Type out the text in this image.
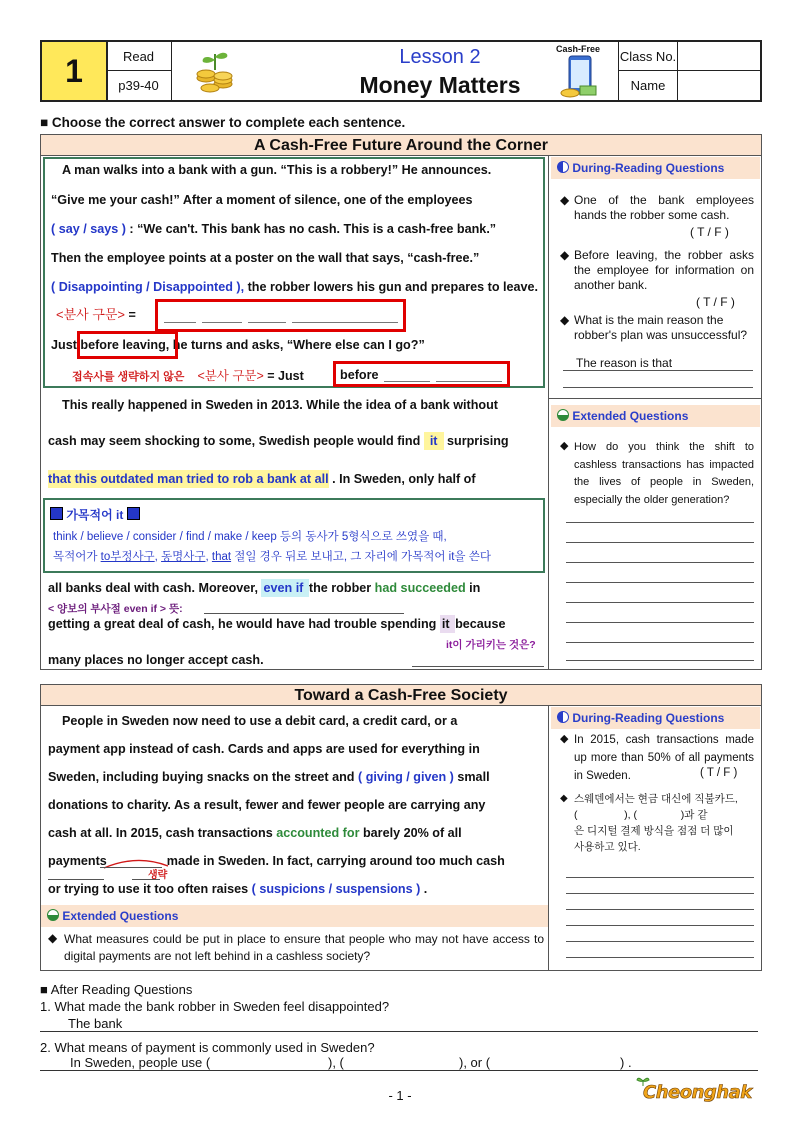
1	Read
p39-40
Lesson 2
Money Matters
Cash-Free	Class No.
Name
■ Choose the correct answer to complete each sentence.
A Cash-Free Future Around the Corner
A man walks into a bank with a gun. “This is a robbery!” He announces.
“Give me your cash!” After a moment of silence, one of the employees
( say / says ) : “We can't. This bank has no cash. This is a cash-free bank.”
Then the employee points at a poster on the wall that says, “cash-free.”
( Disappointing / Disappointed ), the robber lowers his gun and prepares to leave.
<분사 구문> =
Just before leaving, he turns and asks, “Where else can I go?”
접속사를 생략하지 않은 <분사 구문> = Just	before
This really happened in Sweden in 2013. While the idea of a bank without
cash may seem shocking to some, Swedish people would find it surprising
that this outdated man tried to rob a bank at all . In Sweden, only half of
가목적어 it
think / believe / consider / find / make / keep 등의 동사가 5형식으로 쓰였을 때,
목적어가 to부정사구, 동명사구, that 절일 경우 뒤로 보내고, 그 자리에 가목적어 it을 쓴다
all banks deal with cash. Moreover, even if the robber had succeeded in
< 양보의 부사절 even if > 뜻:
getting a great deal of cash, he would have had trouble spending it because
it이 가리키는 것은?
many places no longer accept cash.
During-Reading Questions
◆ One of the bank employees hands the robber some cash.
( T / F )
◆ Before leaving, the robber asks the employee for information on another bank.
( T / F )
◆ What is the main reason the robber's plan was unsuccessful?
The reason is that
Extended Questions
◆ How do you think the shift to cashless transactions has impacted the lives of people in Sweden, especially the older generation?
Toward a Cash-Free Society
People in Sweden now need to use a debit card, a credit card, or a
payment app instead of cash. Cards and apps are used for everything in
Sweden, including buying snacks on the street and ( giving / given ) small
donations to charity. As a result, fewer and fewer people are carrying any
cash at all. In 2015, cash transactions accounted for barely 20% of all
payments	made in Sweden. In fact, carrying around too much cash
생략
or trying to use it too often raises ( suspicions / suspensions ) .
Extended Questions
◆ What measures could be put in place to ensure that people who may not have access to digital payments are not left behind in a cashless society?
During-Reading Questions
◆ In 2015, cash transactions made up more than 50% of all payments in Sweden.	( T / F )
◆ 스웨덴에서는 현금 대신에 직불카드,
(                ), (               )과 같
은 디지털 결제 방식을 점점 더 많이
사용하고 있다.
■ After Reading Questions
1. What made the bank robber in Sweden feel disappointed?
The bank
2. What means of payment is commonly used in Sweden?
In Sweden, people use (	), (	), or (	) .
- 1 -	Cheonghak
